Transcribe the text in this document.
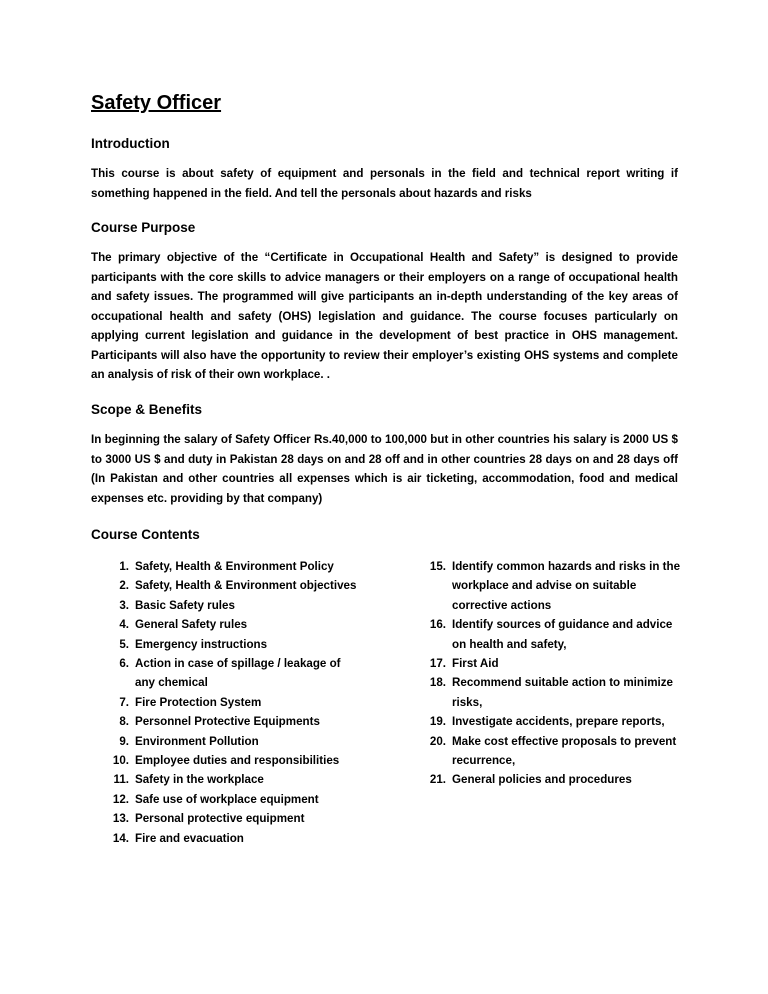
Safety Officer
Introduction

This course is about safety of equipment and personals in the field and technical report writing if something happened in the field. And tell the personals about hazards and risks

Course Purpose

The primary objective of the “Certificate in Occupational Health and Safety” is designed to provide participants with the core skills to advice managers or their employers on a range of occupational health and safety issues. The programmed will give participants an in-depth understanding of the key areas of occupational health and safety (OHS) legislation and guidance. The course focuses particularly on applying current legislation and guidance in the development of best practice in OHS management. Participants will also have the opportunity to review their employer’s existing OHS systems and complete an analysis of risk of their own workplace. .

Scope & Benefits

In beginning the salary of Safety Officer Rs.40,000 to 100,000 but in other countries his salary is 2000 US $ to 3000 US $ and duty in Pakistan 28 days on and 28 off and in other countries 28 days on and 28 days off (In Pakistan and other countries all expenses which is air ticketing, accommodation, food and medical expenses etc. providing by that company)

Course Contents
1. Safety, Health & Environment Policy
2. Safety, Health & Environment objectives
3. Basic Safety rules
4. General Safety rules
5. Emergency instructions
6. Action in case of spillage / leakage of any chemical
7. Fire Protection System
8. Personnel Protective Equipments
9. Environment Pollution
10. Employee duties and responsibilities
11. Safety in the workplace
12. Safe use of workplace equipment
13. Personal protective equipment
14. Fire and evacuation
15. Identify common hazards and risks in the workplace and advise on suitable corrective actions
16. Identify sources of guidance and advice on health and safety,
17. First Aid
18. Recommend suitable action to minimize risks,
19. Investigate accidents, prepare reports,
20. Make cost effective proposals to prevent recurrence,
21. General policies and procedures
